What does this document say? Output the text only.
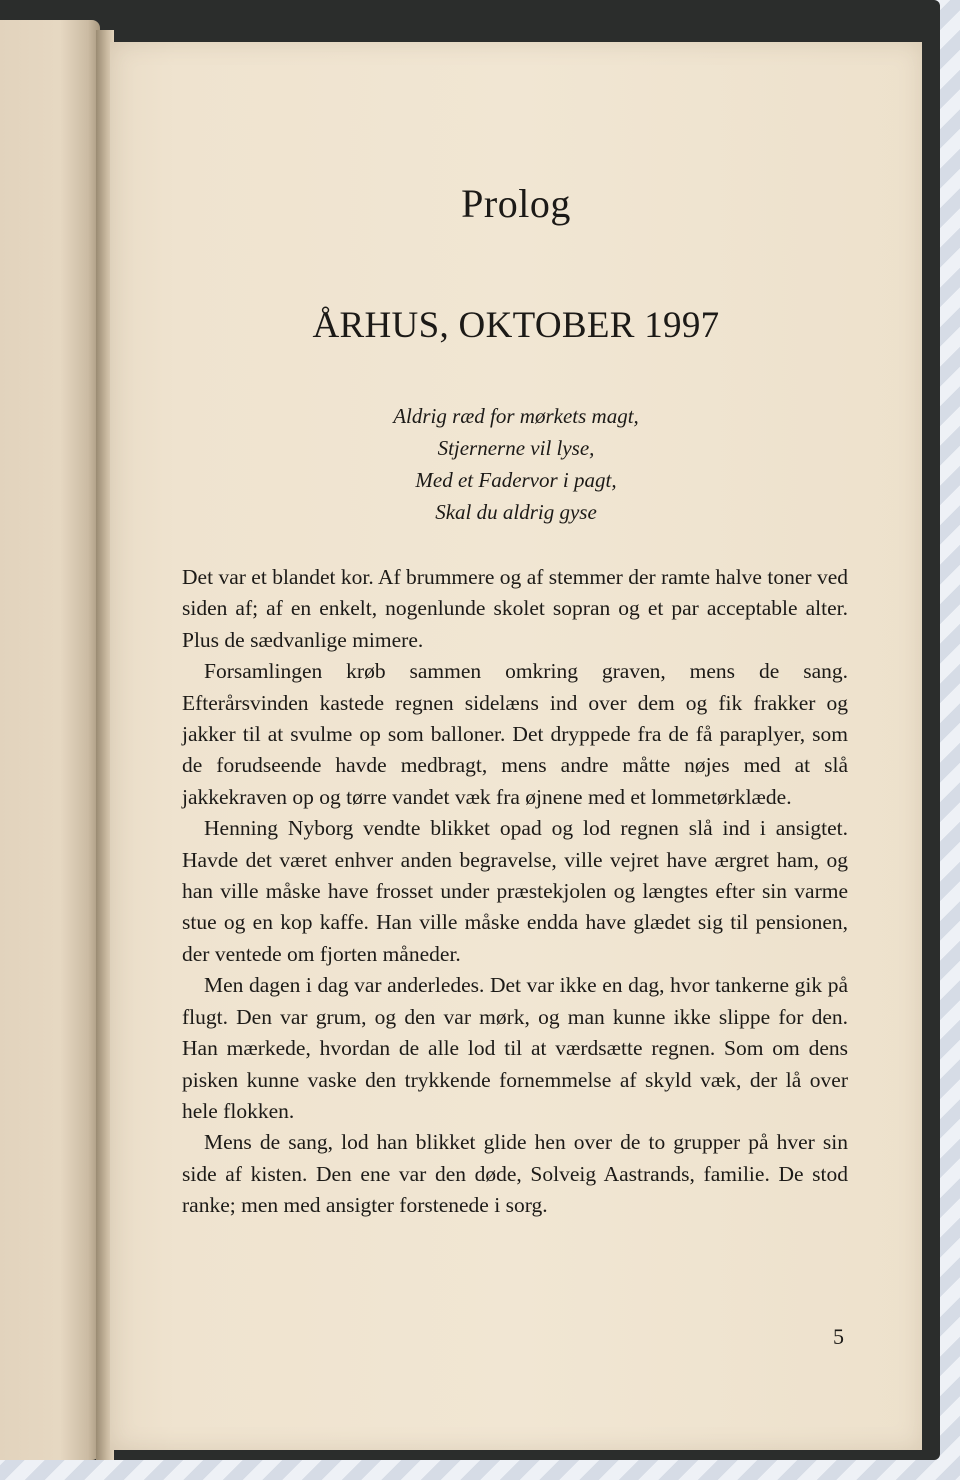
Prolog
ÅRHUS, OKTOBER 1997
Aldrig ræd for mørkets magt,
Stjernerne vil lyse,
Med et Fadervor i pagt,
Skal du aldrig gyse

Det var et blandet kor. Af brummere og af stemmer der ramte halve toner ved siden af; af en enkelt, nogenlunde skolet sopran og et par acceptable alter. Plus de sædvanlige mimere.

Forsamlingen krøb sammen omkring graven, mens de sang. Efterårsvinden kastede regnen sidelæns ind over dem og fik frakker og jakker til at svulme op som balloner. Det dryppede fra de få paraplyer, som de forudseende havde medbragt, mens andre måtte nøjes med at slå jakkekraven op og tørre vandet væk fra øjnene med et lommetørklæde.

Henning Nyborg vendte blikket opad og lod regnen slå ind i ansigtet. Havde det været enhver anden begravelse, ville vejret have ærgret ham, og han ville måske have frosset under præstekjolen og længtes efter sin varme stue og en kop kaffe. Han ville måske endda have glædet sig til pensionen, der ventede om fjorten måneder.

Men dagen i dag var anderledes. Det var ikke en dag, hvor tankerne gik på flugt. Den var grum, og den var mørk, og man kunne ikke slippe for den. Han mærkede, hvordan de alle lod til at værdsætte regnen. Som om dens pisken kunne vaske den trykkende fornemmelse af skyld væk, der lå over hele flokken.

Mens de sang, lod han blikket glide hen over de to grupper på hver sin side af kisten. Den ene var den døde, Solveig Aastrands, familie. De stod ranke; men med ansigter forstenede i sorg.

5
